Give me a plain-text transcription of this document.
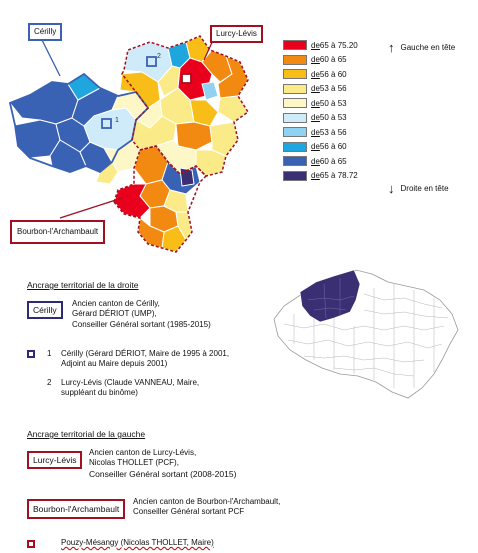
1
2
Cérilly	Lurcy-Lévis
Bourbon-l'Archambault
de65 à 75.20
de60 à 65
de56 à 60
de53 à 56
de50 à 53
de50 à 53
de53 à 56
de56 à 60
de60 à 65
de65 à 78.72
↑ Gauche en tête
↓ Droite en tête
Ancrage territorial de la droite
Cérilly
Ancien canton de Cérilly,
Gérard DÉRIOT (UMP),
Conseiller Général sortant (1985-2015)
1 Cérilly (Gérard DÉRIOT, Maire de 1995 à 2001,
Adjoint au Maire depuis 2001)
2 Lurcy-Lévis (Claude VANNEAU, Maire,
suppléant du binôme)
Ancrage territorial de la gauche
Lurcy-Lévis
Ancien canton de Lurcy-Lévis,
Nicolas THOLLET (PCF),
Conseiller Général sortant (2008-2015)
Bourbon-l'Archambault
Ancien canton de Bourbon-l'Archambault,
Conseiller Général sortant PCF
Pouzy-Mésangy (Nicolas THOLLET, Maire)
